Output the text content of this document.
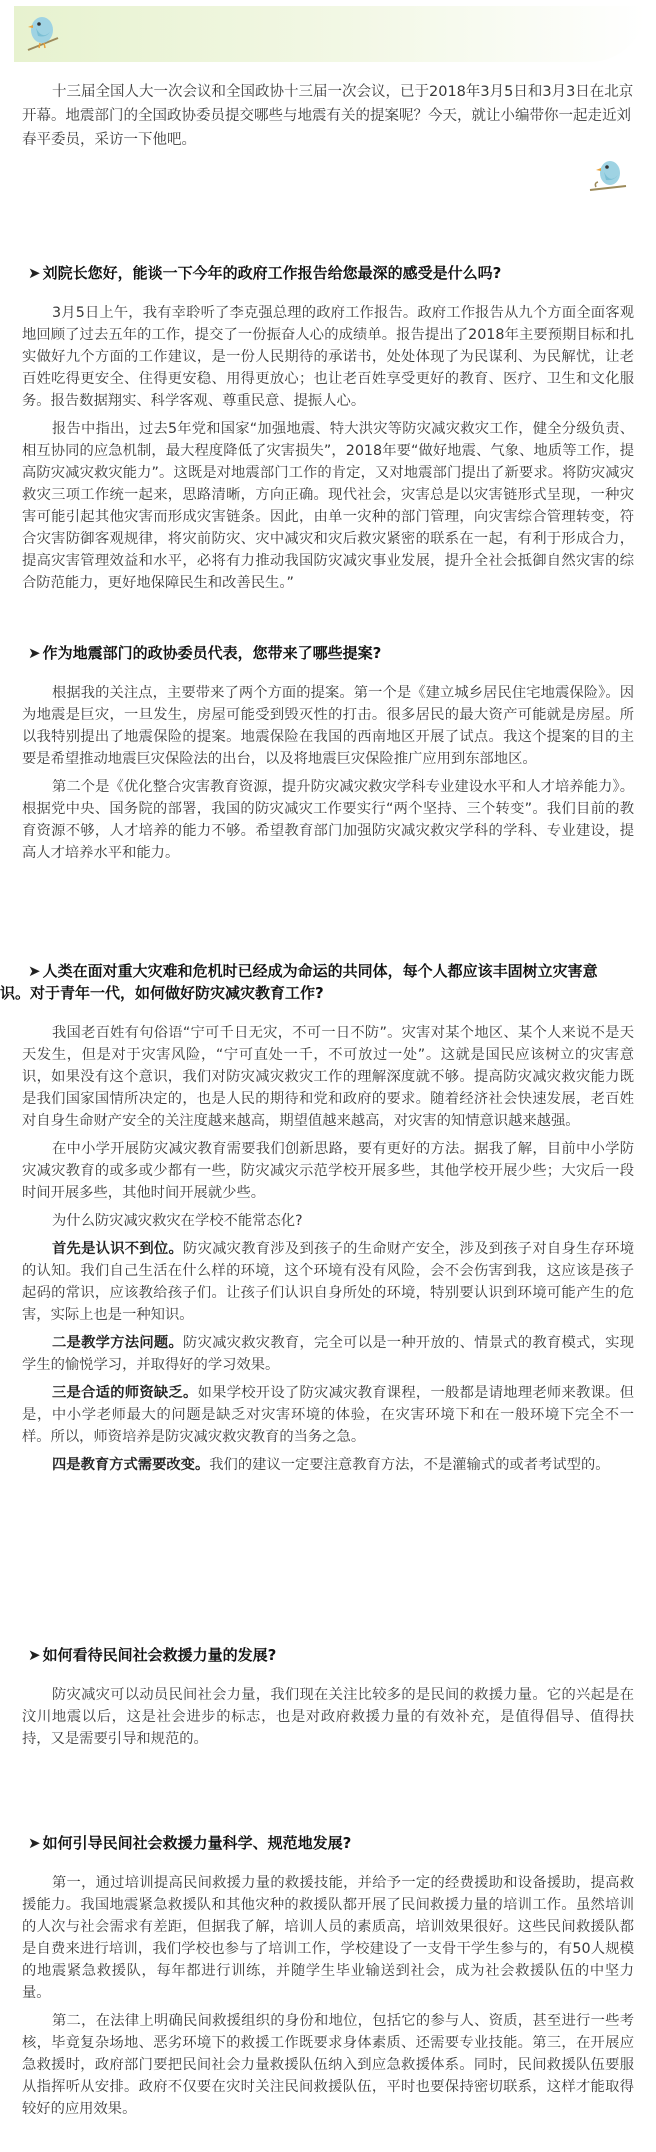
十三届全国人大一次会议和全国政协十三届一次会议，已于2018年3月5日和3月3日在北京开幕。地震部门的全国政协委员提交哪些与地震有关的提案呢？今天，就让小编带你一起走近刘春平委员，采访一下他吧。

➤ 刘院长您好，能谈一下今年的政府工作报告给您最深的感受是什么吗?

3月5日上午，我有幸聆听了李克强总理的政府工作报告。政府工作报告从九个方面全面客观地回顾了过去五年的工作，提交了一份振奋人心的成绩单。报告提出了2018年主要预期目标和扎实做好九个方面的工作建议，是一份人民期待的承诺书，处处体现了为民谋利、为民解忧，让老百姓吃得更安全、住得更安稳、用得更放心；也让老百姓享受更好的教育、医疗、卫生和文化服务。报告数据翔实、科学客观、尊重民意、提振人心。

报告中指出，过去5年党和国家“加强地震、特大洪灾等防灾减灾救灾工作，健全分级负责、相互协同的应急机制，最大程度降低了灾害损失”，2018年要“做好地震、气象、地质等工作，提高防灾减灾救灾能力”。这既是对地震部门工作的肯定，又对地震部门提出了新要求。将防灾减灾救灾三项工作统一起来，思路清晰，方向正确。现代社会，灾害总是以灾害链形式呈现，一种灾害可能引起其他灾害而形成灾害链条。因此，由单一灾种的部门管理，向灾害综合管理转变，符合灾害防御客观规律，将灾前防灾、灾中减灾和灾后救灾紧密的联系在一起，有利于形成合力，提高灾害管理效益和水平，必将有力推动我国防灾减灾事业发展，提升全社会抵御自然灾害的综合防范能力，更好地保障民生和改善民生。”

➤ 作为地震部门的政协委员代表，您带来了哪些提案?

根据我的关注点，主要带来了两个方面的提案。第一个是《建立城乡居民住宅地震保险》。因为地震是巨灾，一旦发生，房屋可能受到毁灭性的打击。很多居民的最大资产可能就是房屋。所以我特别提出了地震保险的提案。地震保险在我国的西南地区开展了试点。我这个提案的目的主要是希望推动地震巨灾保险法的出台，以及将地震巨灾保险推广应用到东部地区。

第二个是《优化整合灾害教育资源，提升防灾减灾救灾学科专业建设水平和人才培养能力》。根据党中央、国务院的部署，我国的防灾减灾工作要实行“两个坚持、三个转变”。我们目前的教育资源不够，人才培养的能力不够。希望教育部门加强防灾减灾救灾学科的学科、专业建设，提高人才培养水平和能力。

➤ 人类在面对重大灾难和危机时已经成为命运的共同体，每个人都应该丰固树立灾害意
识。对于青年一代，如何做好防灾减灾教育工作?

我国老百姓有句俗语“宁可千日无灾，不可一日不防”。灾害对某个地区、某个人来说不是天天发生，但是对于灾害风险，“宁可直处一千，不可放过一处”。这就是国民应该树立的灾害意识，如果没有这个意识，我们对防灾减灾救灾工作的理解深度就不够。提高防灾减灾救灾能力既是我们国家国情所决定的，也是人民的期待和党和政府的要求。随着经济社会快速发展，老百姓对自身生命财产安全的关注度越来越高，期望值越来越高，对灾害的知情意识越来越强。

在中小学开展防灾减灾教育需要我们创新思路，要有更好的方法。据我了解，目前中小学防灾减灾教育的或多或少都有一些，防灾减灾示范学校开展多些，其他学校开展少些；大灾后一段时间开展多些，其他时间开展就少些。

为什么防灾减灾救灾在学校不能常态化?

首先是认识不到位。防灾减灾教育涉及到孩子的生命财产安全，涉及到孩子对自身生存环境的认知。我们自己生活在什么样的环境，这个环境有没有风险，会不会伤害到我，这应该是孩子起码的常识，应该教给孩子们。让孩子们认识自身所处的环境，特别要认识到环境可能产生的危害，实际上也是一种知识。

二是教学方法问题。防灾减灾救灾教育，完全可以是一种开放的、情景式的教育模式，实现学生的愉悦学习，并取得好的学习效果。

三是合适的师资缺乏。如果学校开设了防灾减灾教育课程，一般都是请地理老师来教课。但是，中小学老师最大的问题是缺乏对灾害环境的体验，在灾害环境下和在一般环境下完全不一样。所以，师资培养是防灾减灾救灾教育的当务之急。

四是教育方式需要改变。我们的建议一定要注意教育方法，不是灌输式的或者考试型的。

➤ 如何看待民间社会救援力量的发展?

防灾减灾可以动员民间社会力量，我们现在关注比较多的是民间的救援力量。它的兴起是在汶川地震以后，这是社会进步的标志，也是对政府救援力量的有效补充，是值得倡导、值得扶持，又是需要引导和规范的。

➤ 如何引导民间社会救援力量科学、规范地发展?

第一，通过培训提高民间救援力量的救援技能，并给予一定的经费援助和设备援助，提高救援能力。我国地震紧急救援队和其他灾种的救援队都开展了民间救援力量的培训工作。虽然培训的人次与社会需求有差距，但据我了解，培训人员的素质高，培训效果很好。这些民间救援队都是自费来进行培训，我们学校也参与了培训工作，学校建设了一支骨干学生参与的，有50人规模的地震紧急救援队，每年都进行训练，并随学生毕业输送到社会，成为社会救援队伍的中坚力量。

第二，在法律上明确民间救援组织的身份和地位，包括它的参与人、资质，甚至进行一些考核，毕竟复杂场地、恶劣环境下的救援工作既要求身体素质、还需要专业技能。第三，在开展应急救援时，政府部门要把民间社会力量救援队伍纳入到应急救援体系。同时，民间救援队伍要服从指挥听从安排。政府不仅要在灾时关注民间救援队伍，平时也要保持密切联系，这样才能取得较好的应用效果。
